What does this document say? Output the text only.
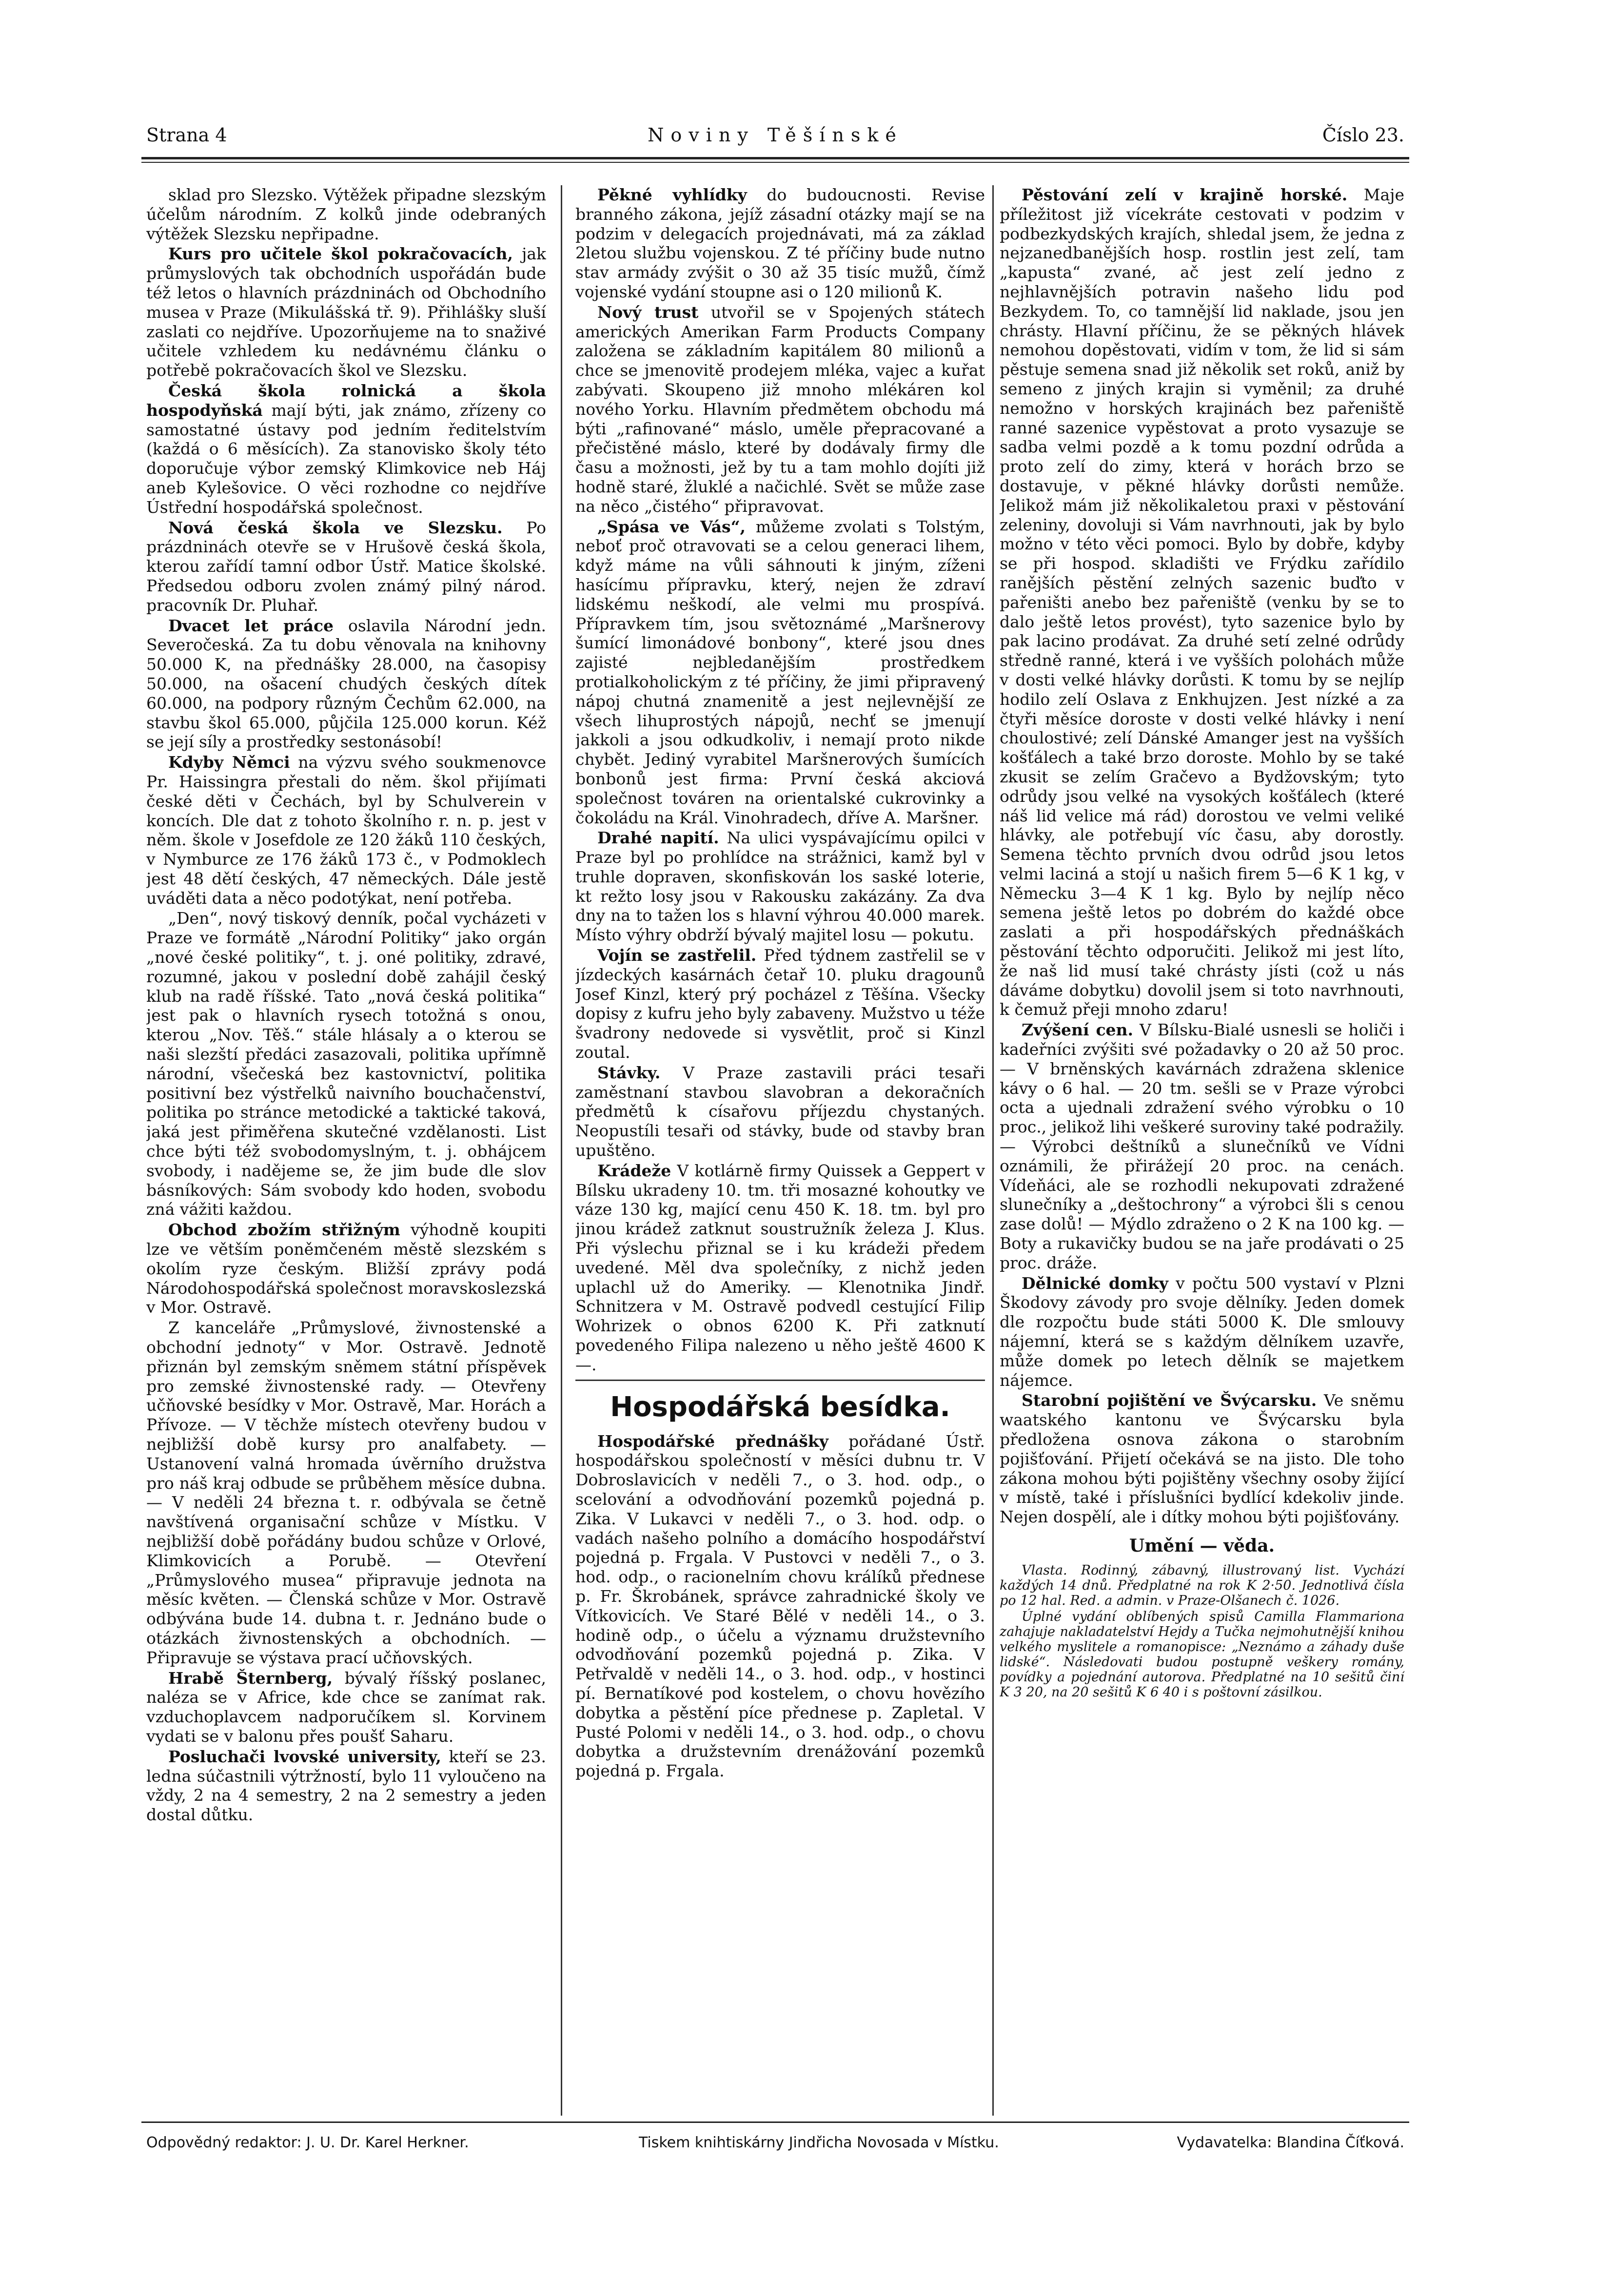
Strana 4	Noviny Těšínské	Číslo 23.

sklad pro Slezsko. Výtěžek připadne slezským účelům národním. Z kolků jinde odebraných výtěžek Slezsku nepřipadne.

Kurs pro učitele škol pokračovacích, jak průmyslových tak obchodních uspořádán bude též letos o hlavních prázdninách od Obchodního musea v Praze (Mikulášská tř. 9). Přihlášky sluší zaslati co nejdříve. Upozorňujeme na to snaživé učitele vzhledem ku nedávnému článku o potřebě pokračovacích škol ve Slezsku.

Česká škola rolnická a škola hospodyňská mají býti, jak známo, zřízeny co samostatné ústavy pod jedním ředitelstvím (každá o 6 měsících). Za stanovisko školy této doporučuje výbor zemský Klimkovice neb Háj aneb Kylešovice. O věci rozhodne co nejdříve Ústřední hospodářská společnost.

Nová česká škola ve Slezsku. Po prázdninách otevře se v Hrušově česká škola, kterou zařídí tamní odbor Ústř. Matice školské. Předsedou odboru zvolen známý pilný národ. pracovník Dr. Pluhař.

Dvacet let práce oslavila Národní jedn. Severočeská. Za tu dobu věnovala na knihovny 50.000 K, na přednášky 28.000, na časopisy 50.000, na ošacení chudých českých dítek 60.000, na podpory různým Čechům 62.000, na stavbu škol 65.000, půjčila 125.000 korun. Kéž se její síly a prostředky sestonásobí!

Kdyby Němci na výzvu svého soukmenovce Pr. Haissingra přestali do něm. škol přijímati české děti v Čechách, byl by Schulverein v koncích. Dle dat z tohoto školního r. n. p. jest v něm. škole v Josefdole ze 120 žáků 110 českých, v Nymburce ze 176 žáků 173 č., v Podmoklech jest 48 dětí českých, 47 německých. Dále jestě uváděti data a něco podotýkat, není potřeba.

„Den“, nový tiskový denník, počal vycházeti v Praze ve formátě „Národní Politiky“ jako orgán „nové české politiky“, t. j. oné politiky, zdravé, rozumné, jakou v poslední době zahájil český klub na radě říšské. Tato „nová česká politika“ jest pak o hlavních rysech totožná s onou, kterou „Nov. Těš.“ stále hlásaly a o kterou se naši slezští předáci zasazovali, politika upřímně národní, všečeská bez kastovnictví, politika positivní bez výstřelků naivního bouchačenství, politika po stránce metodické a taktické taková, jaká jest přiměřena skutečné vzdělanosti. List chce býti též svobodomyslným, t. j. obhájcem svobody, i nadějeme se, že jim bude dle slov básníkových: Sám svobody kdo hoden, svobodu zná vážiti každou.

Obchod zbožím střižným výhodně koupiti lze ve větším poněmčeném městě slezském s okolím ryze českým. Bližší zprávy podá Národohospodářská společnost moravskoslezská v Mor. Ostravě.

Z kanceláře „Průmyslové, živnostenské a obchodní jednoty“ v Mor. Ostravě. Jednotě přiznán byl zemským sněmem státní příspěvek pro zemské živnostenské rady. — Otevřeny učňovské besídky v Mor. Ostravě, Mar. Horách a Přívoze. — V těchže místech otevřeny budou v nejbližší době kursy pro analfabety. — Ustanovení valná hromada úvěrního družstva pro náš kraj odbude se průběhem měsíce dubna. — V neděli 24 března t. r. odbývala se četně navštívená organisační schůze v Místku. V nejbližší době pořádány budou schůze v Orlové, Klimkovicích a Porubě. — Otevření „Průmyslového musea“ připravuje jednota na měsíc květen. — Členská schůze v Mor. Ostravě odbývána bude 14. dubna t. r. Jednáno bude o otázkách živnostenských a obchodních. — Připravuje se výstava prací učňovských.

Hrabě Šternberg, bývalý říšský poslanec, naléza se v Africe, kde chce se zanímat rak. vzduchoplavcem nadporučíkem sl. Korvinem vydati se v balonu přes poušť Saharu.

Posluchači lvovské university, kteří se 23. ledna súčastnili výtržností, bylo 11 vyloučeno na vždy, 2 na 4 semestry, 2 na 2 semestry a jeden dostal důtku.

Pěkné vyhlídky do budoucnosti. Revise branného zákona, jejíž zásadní otázky mají se na podzim v delegacích projednávati, má za základ 2letou službu vojenskou. Z té příčiny bude nutno stav armády zvýšit o 30 až 35 tisíc mužů, čímž vojenské vydání stoupne asi o 120 milionů K.

Nový trust utvořil se v Spojených státech amerických Amerikan Farm Products Company založena se základním kapitálem 80 milionů a chce se jmenovitě prodejem mléka, vajec a kuřat zabývati. Skoupeno již mnoho mlékáren kol nového Yorku. Hlavním předmětem obchodu má býti „rafinované“ máslo, uměle přepracované a přečistěné máslo, které by dodávaly firmy dle času a možnosti, jež by tu a tam mohlo dojíti již hodně staré, žluklé a načichlé. Svět se může zase na něco „čistého“ připravovat.

„Spása ve Vás“, můžeme zvolati s Tolstým, neboť proč otravovati se a celou generaci lihem, když máme na vůli sáhnouti k jiným, zíženi hasícímu přípravku, který, nejen že zdraví lidskému neškodí, ale velmi mu prospívá. Přípravkem tím, jsou světoznámé „Maršnerovy šumící limonádové bonbony“, které jsou dnes zajisté nejbledanějším prostředkem protialkoholickým z té příčiny, že jimi připravený nápoj chutná znamenitě a jest nejlevnější ze všech lihuprostých nápojů, nechť se jmenují jakkoli a jsou odkudkoliv, i nemají proto nikde chybět. Jediný vyrabitel Maršnerových šumících bonbonů jest firma: První česká akciová společnost továren na orientalské cukrovinky a čokoládu na Král. Vinohradech, dříve A. Maršner.

Drahé napití. Na ulici vyspávajícímu opilci v Praze byl po prohlídce na strážnici, kamž byl v truhle dopraven, skonfiskován los saské loterie, kt režto losy jsou v Rakousku zakázány. Za dva dny na to tažen los s hlavní výhrou 40.000 marek. Místo výhry obdrží bývalý majitel losu — pokutu.

Vojín se zastřelil. Před týdnem zastřelil se v jízdeckých kasárnách četař 10. pluku dragounů Josef Kinzl, který prý pocházel z Těšína. Všecky dopisy z kufru jeho byly zabaveny. Mužstvo u téže švadrony nedovede si vysvětlit, proč si Kinzl zoutal.

Stávky. V Praze zastavili práci tesaři zaměstnaní stavbou slavobran a dekoračních předmětů k císařovu příjezdu chystaných. Neopustíli tesaři od stávky, bude od stavby bran upuštěno.

Krádeže V kotlárně firmy Quissek a Geppert v Bílsku ukradeny 10. tm. tři mosazné kohoutky ve váze 130 kg, mající cenu 450 K. 18. tm. byl pro jinou krádež zatknut soustružník železa J. Klus. Při výslechu přiznal se i ku krádeži předem uvedené. Měl dva společníky, z nichž jeden uplachl už do Ameriky. — Klenotnika Jindř. Schnitzera v M. Ostravě podvedl cestující Filip Wohrizek o obnos 6200 K. Při zatknutí povedeného Filipa nalezeno u něho ještě 4600 K —.

Hospodářská besídka.

Hospodářské přednášky pořádané Ústř. hospodářskou společností v měsíci dubnu tr. V Dobroslavicích v neděli 7., o 3. hod. odp., o scelování a odvodňování pozemků pojedná p. Zika. V Lukavci v neděli 7., o 3. hod. odp. o vadách našeho polního a domácího hospodářství pojedná p. Frgala. V Pustovci v neděli 7., o 3. hod. odp., o racionelním chovu králíků přednese p. Fr. Škrobánek, správce zahradnické školy ve Vítkovicích. Ve Staré Bělé v neděli 14., o 3. hodině odp., o účelu a významu družstevního odvodňování pozemků pojedná p. Zika. V Petřvaldě v neděli 14., o 3. hod. odp., v hostinci pí. Bernatíkové pod kostelem, o chovu hovězího dobytka a pěstění píce přednese p. Zapletal. V Pusté Polomi v neděli 14., o 3. hod. odp., o chovu dobytka a družstevním drenážování pozemků pojedná p. Frgala.

Pěstování zelí v krajině horské. Maje příležitost již vícekráte cestovati v podzim v podbezkydských krajích, shledal jsem, že jedna z nejzanedbanějších hosp. rostlin jest zelí, tam „kapusta“ zvané, ač jest zelí jedno z nejhlavnějších potravin našeho lidu pod Bezkydem. To, co tamnější lid naklade, jsou jen chrásty. Hlavní příčinu, že se pěkných hlávek nemohou dopěstovati, vidím v tom, že lid si sám pěstuje semena snad již několik set roků, aniž by semeno z jiných krajin si vyměnil; za druhé nemožno v horských krajinách bez pařeniště ranné sazenice vypěstovat a proto vysazuje se sadba velmi pozdě a k tomu pozdní odrůda a proto zelí do zimy, která v horách brzo se dostavuje, v pěkné hlávky dorůsti nemůže. Jelikož mám již několikaletou praxi v pěstování zeleniny, dovoluji si Vám navrhnouti, jak by bylo možno v této věci pomoci. Bylo by dobře, kdyby se při hospod. skladišti ve Frýdku zařídilo ranějších pěstění zelných sazenic buďto v pařeništi anebo bez pařeniště (venku by se to dalo ještě letos provést), tyto sazenice bylo by pak lacino prodávat. Za druhé setí zelné odrůdy středně ranné, která i ve vyšších polohách může v dosti velké hlávky dorůsti. K tomu by se nejlíp hodilo zelí Oslava z Enkhujzen. Jest nízké a za čtyři měsíce doroste v dosti velké hlávky i není choulostivé; zelí Dánské Amanger jest na vyšších košťálech a také brzo doroste. Mohlo by se také zkusit se zelím Gračevo a Bydžovským; tyto odrůdy jsou velké na vysokých košťálech (které náš lid velice má rád) dorostou ve velmi veliké hlávky, ale potřebují víc času, aby dorostly. Semena těchto prvních dvou odrůd jsou letos velmi laciná a stojí u našich firem 5—6 K 1 kg, v Německu 3—4 K 1 kg. Bylo by nejlíp něco semena ještě letos po dobrém do každé obce zaslati a při hospodářských přednáškách pěstování těchto odporučiti. Jelikož mi jest líto, že naš lid musí také chrásty jísti (což u nás dáváme dobytku) dovolil jsem si toto navrhnouti, k čemuž přeji mnoho zdaru!

Zvýšení cen. V Bílsku-Bialé usnesli se holiči i kadeřníci zvýšiti své požadavky o 20 až 50 proc. — V brněnských kavárnách zdražena sklenice kávy o 6 hal. — 20 tm. sešli se v Praze výrobci octa a ujednali zdražení svého výrobku o 10 proc., jelikož lihi veškeré suroviny také podražily. — Výrobci deštníků a slunečníků ve Vídni oznámili, že přirážejí 20 proc. na cenách. Vídeňáci, ale se rozhodli nekupovati zdražené slunečníky a „deštochrony“ a výrobci šli s cenou zase dolů! — Mýdlo zdraženo o 2 K na 100 kg. — Boty a rukavičky budou se na jaře prodávati o 25 proc. dráže.

Dělnické domky v počtu 500 vystaví v Plzni Škodovy závody pro svoje dělníky. Jeden domek dle rozpočtu bude státi 5000 K. Dle smlouvy nájemní, která se s každým dělníkem uzavře, může domek po letech dělník se majetkem nájemce.

Starobní pojištění ve Švýcarsku. Ve sněmu waatského kantonu ve Švýcarsku byla předložena osnova zákona o starobním pojišťování. Přijetí očekává se na jisto. Dle toho zákona mohou býti pojištěny všechny osoby žijící v místě, také i příslušníci bydlící kdekoliv jinde. Nejen dospělí, ale i dítky mohou býti pojišťovány.

Umění — věda.

Vlasta. Rodinný, zábavný, illustrovaný list. Vychází každých 14 dnů. Předplatné na rok K 2·50. Jednotlivá čísla po 12 hal. Red. a admin. v Praze-Olšanech č. 1026.

Úplné vydání oblíbených spisů Camilla Flammariona zahajuje nakladatelství Hejdy a Tučka nejmohutnější knihou velkého myslitele a romanopisce: „Neznámo a záhady duše lidské“. Následovati budou postupně veškery romány, povídky a pojednání autorova. Předplatné na 10 sešitů činí K 3 20, na 20 sešitů K 6 40 i s poštovní zásilkou.

Odpovědný redaktor: J. U. Dr. Karel Herkner.	Tiskem knihtiskárny Jindřicha Novosada v Místku.	Vydavatelka: Blandina Číťková.
